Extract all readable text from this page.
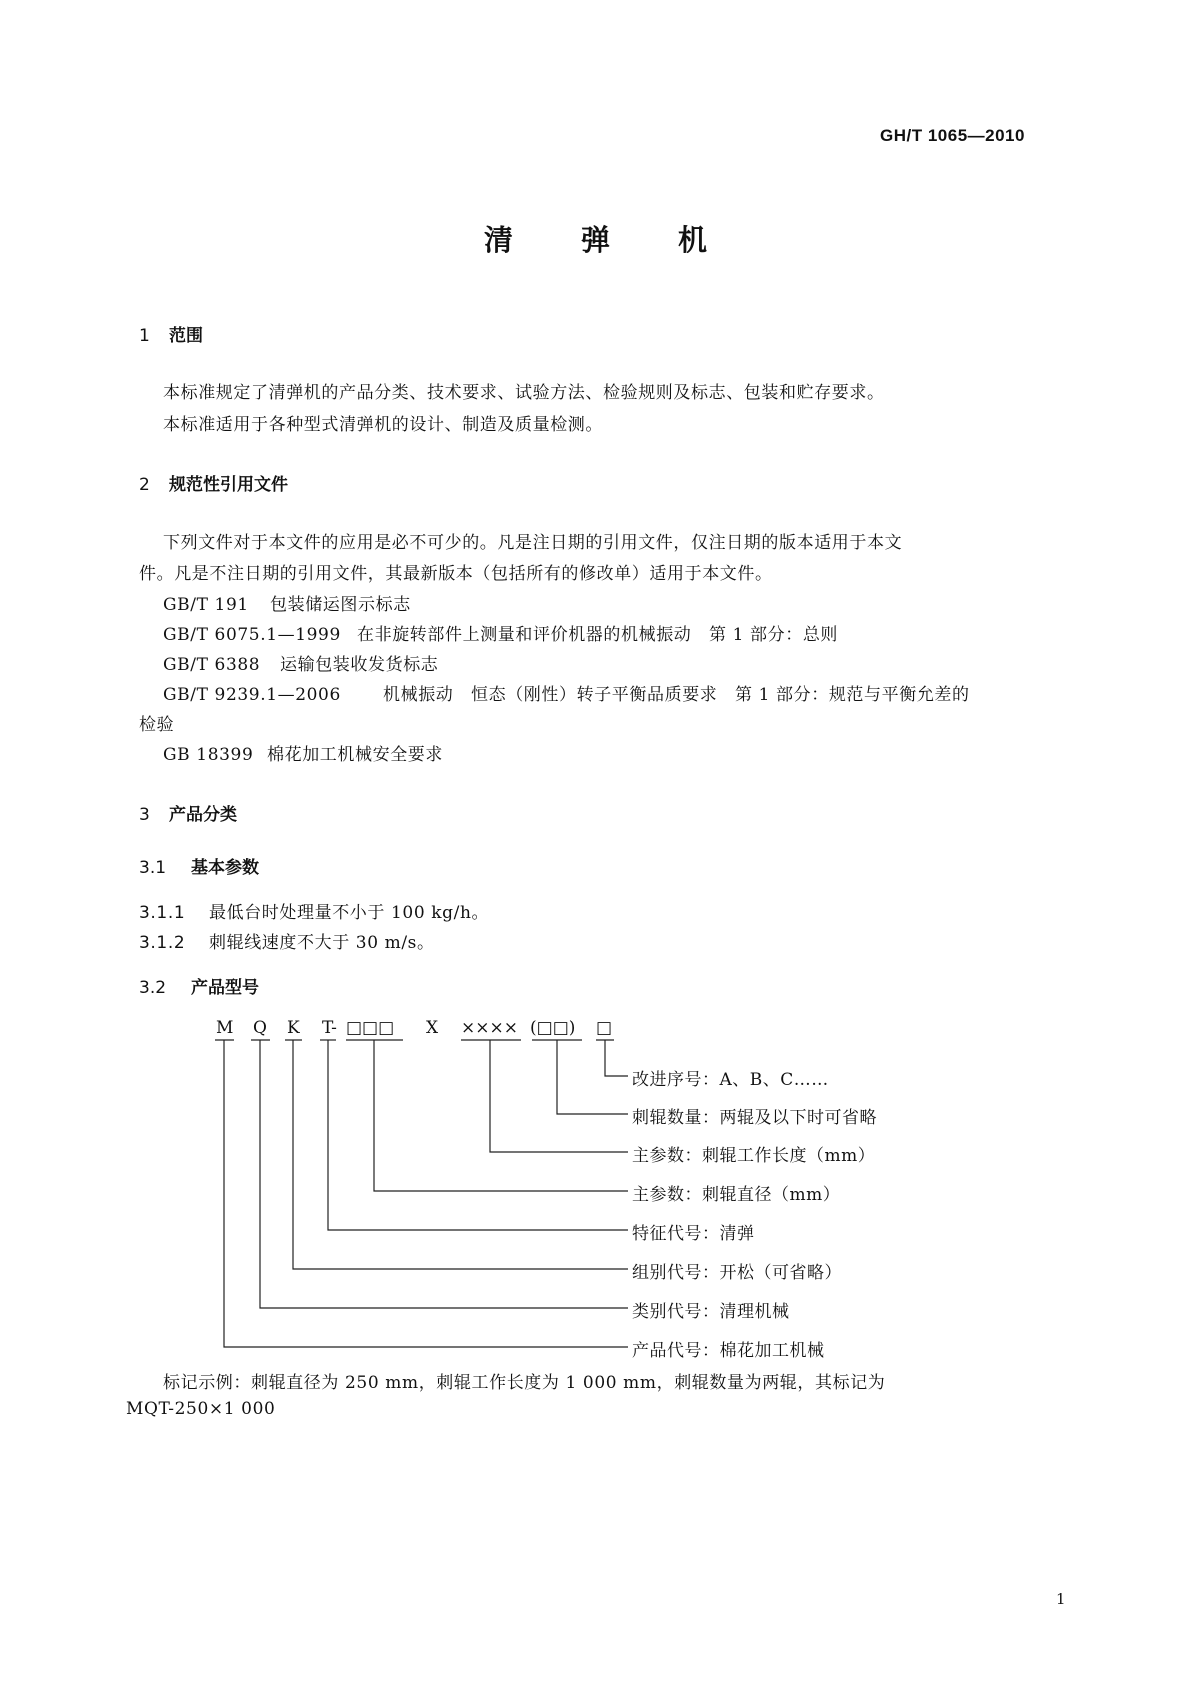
GH/T 1065—2010
清 弹 机
1 范围
本标准规定了清弹机的产品分类、技术要求、试验方法、检验规则及标志、包装和贮存要求。
本标准适用于各种型式清弹机的设计、制造及质量检测。
2 规范性引用文件
下列文件对于本文件的应用是必不可少的。凡是注日期的引用文件，仅注日期的版本适用于本文
件。凡是不注日期的引用文件，其最新版本（包括所有的修改单）适用于本文件。
GB/T 191 包装储运图示标志
GB/T 6075.1—1999 在非旋转部件上测量和评价机器的机械振动　第 1 部分：总则
GB/T 6388 运输包装收发货标志
GB/T 9239.1—2006 机械振动　恒态（刚性）转子平衡品质要求　第 1 部分：规范与平衡允差的
检验
GB 18399 棉花加工机械安全要求
3 产品分类
3.1 基本参数
3.1.1 最低台时处理量不小于 100 kg/h。
3.1.2 刺辊线速度不大于 30 m/s。
3.2 产品型号
M Q K T- □□□ X ×××× (□□) □
改进序号：A、B、C……
刺辊数量：两辊及以下时可省略
主参数：刺辊工作长度（mm）
主参数：刺辊直径（mm）
特征代号：清弹
组别代号：开松（可省略）
类别代号：清理机械
产品代号：棉花加工机械
标记示例：刺辊直径为 250 mm，刺辊工作长度为 1 000 mm，刺辊数量为两辊，其标记为
MQT-250×1 000
1
